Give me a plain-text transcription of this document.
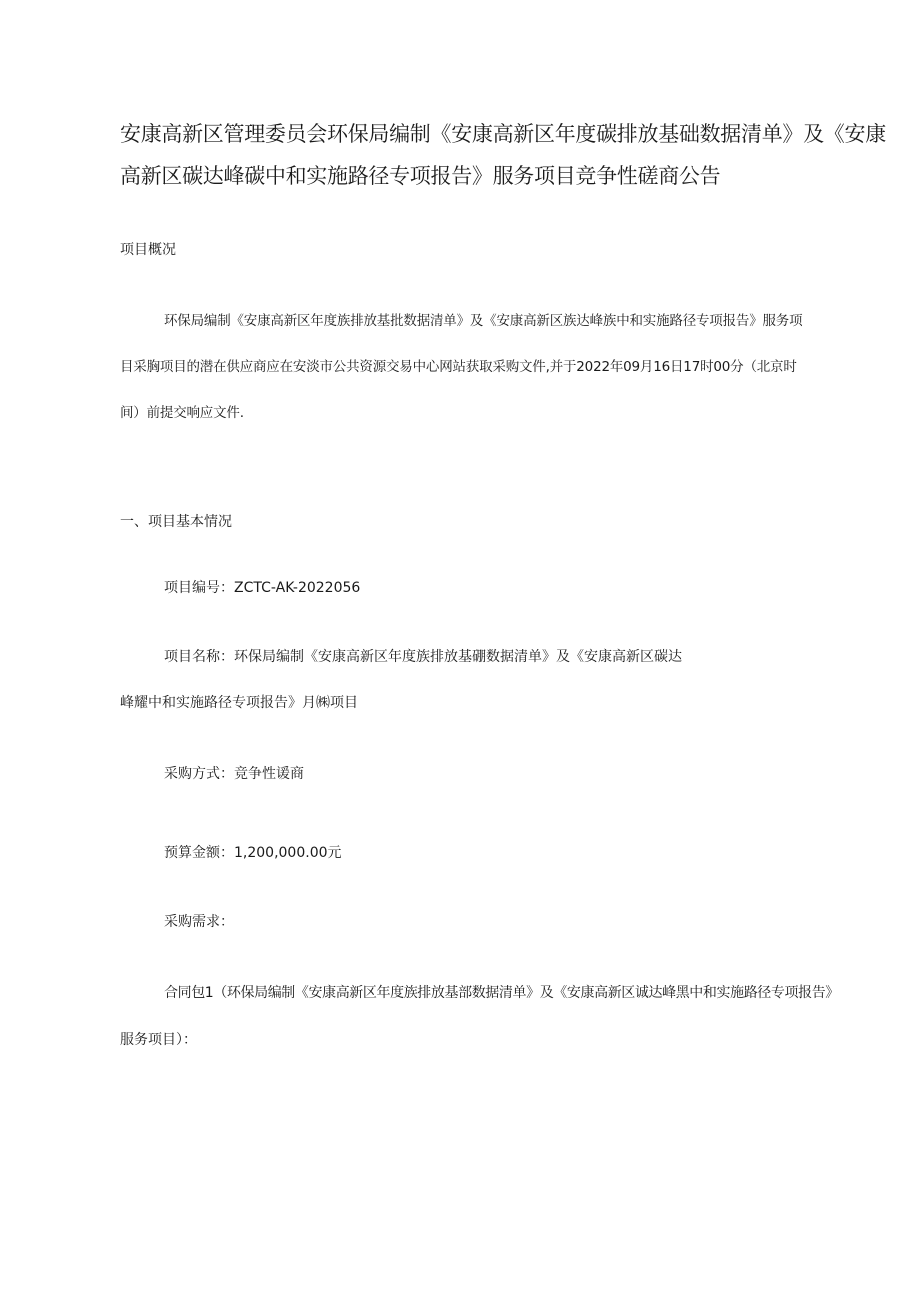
安康高新区管理委员会环保局编制《安康高新区年度碳排放基础数据清单》及《安康
高新区碳达峰碳中和实施路径专项报告》服务项目竞争性磋商公告

项目概况

环保局编制《安康高新区年度族排放基批数据清单》及《安康高新区族达峰族中和实施路径专项报告》服务项
目采胸项目的潜在供应商应在安淡市公共资源交易中心网站获取采购文件,并于2022年09月16日17时00分（北京时
间）前提交响应文件.

一、项目基本情况

项目编号：ZCTC-AK-2022056

项目名称：环保局编制《安康高新区年度族排放基硼数据清单》及《安康高新区碳达

峰耀中和实施路径专项报告》月㈱项目

采购方式：竞争性谖商

预算金额：1,200,000.00元

采购需求：

合同包1（环保局编制《安康高新区年度族排放基部数据清单》及《安康高新区诚达峰黑中和实施路径专项报告》

服务项目）：
